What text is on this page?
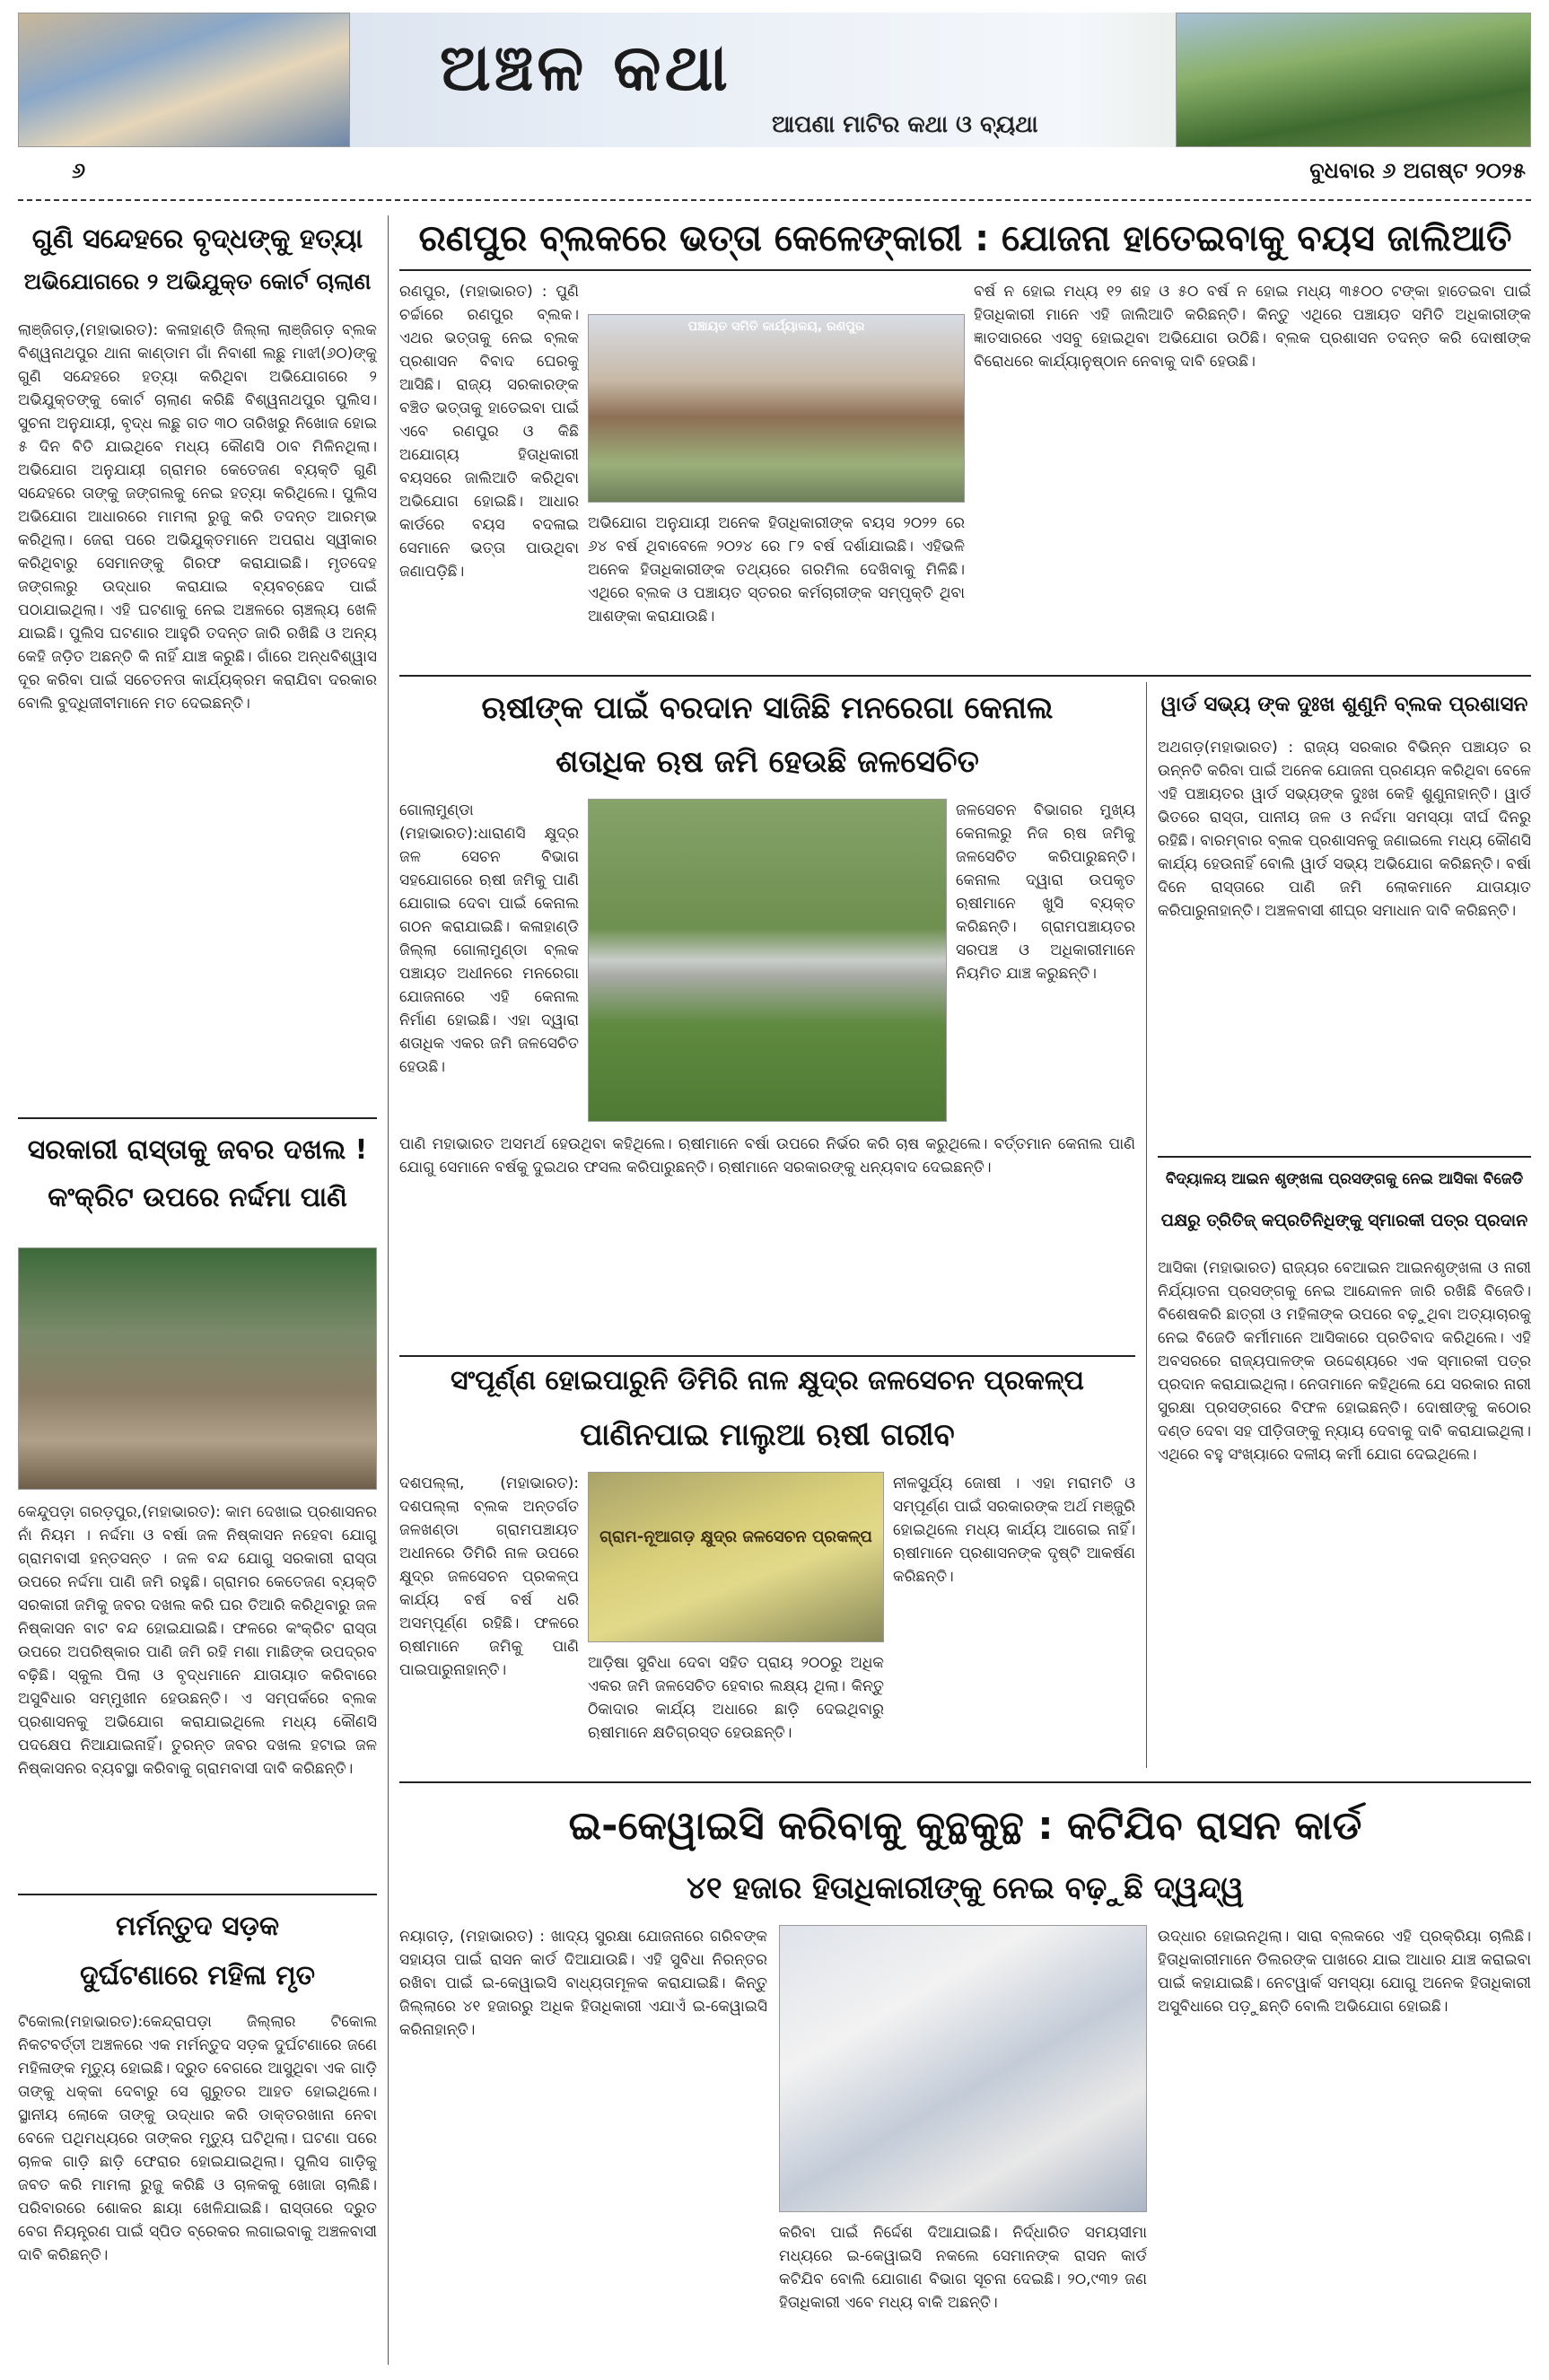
ଅଞ୍ଚଳ କଥା
ଆପଣା ମାଟିର କଥା ଓ ବ୍ୟଥା
୬	ବୁଧବାର ୬ ଅଗଷ୍ଟ ୨୦୨୫
ଗୁଣି ସନ୍ଦେହରେ ବୃଦ୍ଧଙ୍କୁ ହତ୍ୟା
ଅଭିଯୋଗରେ ୨ ଅଭିଯୁକ୍ତ କୋର୍ଟ ଚାଲାଣ
ଲାଞ୍ଜିଗଡ଼,(ମହାଭାରତ): କଳାହାଣ୍ଡି ଜିଲ୍ଲା ଲାଞ୍ଜିଗଡ଼ ବ୍ଲକ ବିଶ୍ୱନାଥପୁର ଥାନା କାଣ୍ଡାମ ଗାଁ ନିବାଶୀ ଲଛୁ ମାଝୀ(୬୦)ଙ୍କୁ ଗୁଣି ସନ୍ଦେହରେ ହତ୍ୟା କରିଥିବା ଅଭିଯୋଗରେ ୨ ଅଭିଯୁକ୍ତଙ୍କୁ କୋର୍ଟ ଚାଲାଣ କରିଛି ବିଶ୍ୱନାଥପୁର ପୁଲିସ। ସୁଚନା ଅନୁଯାୟୀ, ବୃଦ୍ଧ ଲଛୁ ଗତ ୩୦ ତାରିଖରୁ ନିଖୋଜ ହୋଇ ୫ ଦିନ ବିତି ଯାଇଥିବେ ମଧ୍ୟ କୌଣସି ଠାବ ମିଳିନଥିଲା। ଅଭିଯୋଗ ଅନୁଯାୟୀ ଗ୍ରାମର କେତେଜଣ ବ୍ୟକ୍ତି ଗୁଣି ସନ୍ଦେହରେ ତାଙ୍କୁ ଜଙ୍ଗଲକୁ ନେଇ ହତ୍ୟା କରିଥିଲେ। ପୁଲିସ ଅଭିଯୋଗ ଆଧାରରେ ମାମଲା ରୁଜୁ କରି ତଦନ୍ତ ଆରମ୍ଭ କରିଥିଲା। ଜେରା ପରେ ଅଭିଯୁକ୍ତମାନେ ଅପରାଧ ସ୍ୱୀକାର କରିଥିବାରୁ ସେମାନଙ୍କୁ ଗିରଫ କରାଯାଇଛି। ମୃତଦେହ ଜଙ୍ଗଲରୁ ଉଦ୍ଧାର କରାଯାଇ ବ୍ୟବଚ୍ଛେଦ ପାଇଁ ପଠାଯାଇଥିଲା। ଏହି ଘଟଣାକୁ ନେଇ ଅଞ୍ଚଳରେ ଚାଞ୍ଚଲ୍ୟ ଖେଳି ଯାଇଛି। ପୁଲିସ ଘଟଣାର ଆହୁରି ତଦନ୍ତ ଜାରି ରଖିଛି ଓ ଅନ୍ୟ କେହି ଜଡ଼ିତ ଅଛନ୍ତି କି ନାହିଁ ଯାଞ୍ଚ କରୁଛି। ଗାଁରେ ଅନ୍ଧବିଶ୍ୱାସ ଦୂର କରିବା ପାଇଁ ସଚେତନତା କାର୍ଯ୍ୟକ୍ରମ କରାଯିବା ଦରକାର ବୋଲି ବୁଦ୍ଧିଜୀବୀମାନେ ମତ ଦେଇଛନ୍ତି।
ସରକାରୀ ରାସ୍ତାକୁ ଜବର ଦଖଲ !
କଂକ୍ରିଟ ଉପରେ ନର୍ଦ୍ଦମା ପାଣି
କେନ୍ଦୁପଡ଼ା ଗରଡ଼ପୁର,(ମହାଭାରତ): କାମ ଦେଖାଇ ପ୍ରଶାସନର ନାଁ ନିୟମ । ନର୍ଦ୍ଦମା ଓ ବର୍ଷା ଜଳ ନିଷ୍କାସନ ନହେବା ଯୋଗୁ ଗ୍ରାମବାସୀ ହନ୍ତସନ୍ତ । ଜଳ ବନ୍ଦ ଯୋଗୁ ସରକାରୀ ରାସ୍ତା ଉପରେ ନର୍ଦ୍ଦମା ପାଣି ଜମି ରହୁଛି। ଗ୍ରାମର କେତେଜଣ ବ୍ୟକ୍ତି ସରକାରୀ ଜମିକୁ ଜବର ଦଖଲ କରି ଘର ତିଆରି କରିଥିବାରୁ ଜଳ ନିଷ୍କାସନ ବାଟ ବନ୍ଦ ହୋଇଯାଇଛି। ଫଳରେ କଂକ୍ରିଟ ରାସ୍ତା ଉପରେ ଅପରିଷ୍କାର ପାଣି ଜମି ରହି ମଶା ମାଛିଙ୍କ ଉପଦ୍ରବ ବଢ଼ିଛି। ସ୍କୁଲ ପିଲା ଓ ବୃଦ୍ଧମାନେ ଯାତାୟାତ କରିବାରେ ଅସୁବିଧାର ସମ୍ମୁଖୀନ ହେଉଛନ୍ତି। ଏ ସମ୍ପର୍କରେ ବ୍ଲକ ପ୍ରଶାସନକୁ ଅଭିଯୋଗ କରାଯାଇଥିଲେ ମଧ୍ୟ କୌଣସି ପଦକ୍ଷେପ ନିଆଯାଇନାହିଁ। ତୁରନ୍ତ ଜବର ଦଖଲ ହଟାଇ ଜଳ ନିଷ୍କାସନର ବ୍ୟବସ୍ଥା କରିବାକୁ ଗ୍ରାମବାସୀ ଦାବି କରିଛନ୍ତି।
ମର୍ମନ୍ତୁଦ ସଡ଼କ
ଦୁର୍ଘଟଣାରେ ମହିଳା ମୃତ
ଟିକୋଲ(ମହାଭାରତ):କେନ୍ଦ୍ରାପଡ଼ା ଜିଲ୍ଲାର ଟିକୋଲ ନିକଟବର୍ତ୍ତୀ ଅଞ୍ଚଳରେ ଏକ ମର୍ମନ୍ତୁଦ ସଡ଼କ ଦୁର୍ଘଟଣାରେ ଜଣେ ମହିଳାଙ୍କ ମୃତ୍ୟୁ ହୋଇଛି। ଦ୍ରୁତ ବେଗରେ ଆସୁଥିବା ଏକ ଗାଡ଼ି ତାଙ୍କୁ ଧକ୍କା ଦେବାରୁ ସେ ଗୁରୁତର ଆହତ ହୋଇଥିଲେ। ସ୍ଥାନୀୟ ଲୋକେ ତାଙ୍କୁ ଉଦ୍ଧାର କରି ଡାକ୍ତରଖାନା ନେବା ବେଳେ ପଥିମଧ୍ୟରେ ତାଙ୍କର ମୃତ୍ୟୁ ଘଟିଥିଲା। ଘଟଣା ପରେ ଚାଳକ ଗାଡ଼ି ଛାଡ଼ି ଫେରାର ହୋଇଯାଇଥିଲା। ପୁଲିସ ଗାଡ଼ିକୁ ଜବତ କରି ମାମଲା ରୁଜୁ କରିଛି ଓ ଚାଳକକୁ ଖୋଜା ଚାଲିଛି। ପରିବାରରେ ଶୋକର ଛାୟା ଖେଳିଯାଇଛି। ରାସ୍ତାରେ ଦ୍ରୁତ ବେଗ ନିୟନ୍ତ୍ରଣ ପାଇଁ ସ୍ପିଡ ବ୍ରେକର ଲଗାଇବାକୁ ଅଞ୍ଚଳବାସୀ ଦାବି କରିଛନ୍ତି।
ରଣପୁର ବ୍ଲକରେ ଭତ୍ତା କେଳେଙ୍କାରୀ : ଯୋଜନା ହାତେଇବାକୁ ବୟସ ଜାଲିଆତି
ରଣପୁର, (ମହାଭାରତ) : ପୁଣି ଚର୍ଚ୍ଚାରେ ରଣପୁର ବ୍ଲକ। ଏଥର ଭତ୍ତାକୁ ନେଇ ବ୍ଲକ ପ୍ରଶାସନ ବିବାଦ ଘେରକୁ ଆସିଛି। ରାଜ୍ୟ ସରକାରଙ୍କ ବଞ୍ଚିତ ଭତ୍ତାକୁ ହାତେଇବା ପାଇଁ ଏବେ ରଣପୁର ଓ କିଛି ଅଯୋଗ୍ୟ ହିତାଧିକାରୀ ବୟସରେ ଜାଲିଆତି କରିଥିବା ଅଭିଯୋଗ ହୋଇଛି। ଆଧାର କାର୍ଡରେ ବୟସ ବଦଳାଇ ସେମାନେ ଭତ୍ତା ପାଉଥିବା ଜଣାପଡ଼ିଛି।
ପଞ୍ଚାୟତ ସମିତି କାର୍ଯ୍ୟାଳୟ, ରଣପୁର
ଅଭିଯୋଗ ଅନୁଯାୟୀ ଅନେକ ହିତାଧିକାରୀଙ୍କ ବୟସ ୨୦୨୨ ରେ ୬୪ ବର୍ଷ ଥିବାବେଳେ ୨୦୨୪ ରେ ୮୨ ବର୍ଷ ଦର୍ଶାଯାଇଛି। ଏହିଭଳି ଅନେକ ହିତାଧିକାରୀଙ୍କ ତଥ୍ୟରେ ଗରମିଲ ଦେଖିବାକୁ ମିଳିଛି। ଏଥିରେ ବ୍ଲକ ଓ ପଞ୍ଚାୟତ ସ୍ତରର କର୍ମଚାରୀଙ୍କ ସମ୍ପୃକ୍ତି ଥିବା ଆଶଙ୍କା କରାଯାଉଛି।
ବର୍ଷ ନ ହୋଇ ମଧ୍ୟ ୧୨ ଶହ ଓ ୫୦ ବର୍ଷ ନ ହୋଇ ମଧ୍ୟ ୩୫୦୦ ଟଙ୍କା ହାତେଇବା ପାଇଁ ହିତାଧିକାରୀ ମାନେ ଏହି ଜାଲିଆତି କରିଛନ୍ତି। କିନ୍ତୁ ଏଥିରେ ପଞ୍ଚାୟତ ସମିତି ଅଧିକାରୀଙ୍କ ଜ୍ଞାତସାରରେ ଏସବୁ ହୋଇଥିବା ଅଭିଯୋଗ ଉଠିଛି। ବ୍ଲକ ପ୍ରଶାସନ ତଦନ୍ତ କରି ଦୋଷୀଙ୍କ ବିରୋଧରେ କାର୍ଯ୍ୟାନୁଷ୍ଠାନ ନେବାକୁ ଦାବି ହେଉଛି।
ଋଷୀଙ୍କ ପାଇଁ ବରଦାନ ସାଜିଛି ମନରେଗା କେନାଲ
ଶତାଧିକ ଋଷ ଜମି ହେଉଛି ଜଳସେଚିତ
ଗୋଲାମୁଣ୍ଡା (ମହାଭାରତ):ଧାରାଣସି କ୍ଷୁଦ୍ର ଜଳ ସେଚନ ବିଭାଗ ସହଯୋଗରେ ଋଷୀ ଜମିକୁ ପାଣି ଯୋଗାଇ ଦେବା ପାଇଁ କେନାଲ ଗଠନ କରାଯାଇଛି। କଳାହାଣ୍ଡି ଜିଲ୍ଲା ଗୋଲାମୁଣ୍ଡା ବ୍ଲକ ପଞ୍ଚାୟତ ଅଧୀନରେ ମନରେଗା ଯୋଜନାରେ ଏହି କେନାଲ ନିର୍ମାଣ ହୋଇଛି। ଏହା ଦ୍ୱାରା ଶତାଧିକ ଏକର ଜମି ଜଳସେଚିତ ହେଉଛି।
ଜଳସେଚନ ବିଭାଗର ମୁଖ୍ୟ କେନାଲରୁ ନିଜ ଋଷ ଜମିକୁ ଜଳସେଚିତ କରିପାରୁଛନ୍ତି। କେନାଲ ଦ୍ୱାରା ଉପକୃତ ଋଷୀମାନେ ଖୁସି ବ୍ୟକ୍ତ କରିଛନ୍ତି। ଗ୍ରାମପଞ୍ଚାୟତର ସରପଞ୍ଚ ଓ ଅଧିକାରୀମାନେ ନିୟମିତ ଯାଞ୍ଚ କରୁଛନ୍ତି।
ପାଣି ମହାଭାରତ ଅସମର୍ଥ ହେଉଥିବା କହିଥିଲେ। ଋଷୀମାନେ ବର୍ଷା ଉପରେ ନିର୍ଭର କରି ଚାଷ କରୁଥିଲେ। ବର୍ତ୍ତମାନ କେନାଲ ପାଣି ଯୋଗୁ ସେମାନେ ବର୍ଷକୁ ଦୁଇଥର ଫସଲ କରିପାରୁଛନ୍ତି। ଋଷୀମାନେ ସରକାରଙ୍କୁ ଧନ୍ୟବାଦ ଦେଇଛନ୍ତି।
ୱାର୍ଡ ସଭ୍ୟ ଙ୍କ ଦୁଃଖ ଶୁଣୁନି ବ୍ଲକ ପ୍ରଶାସନ
ଅଥଗଡ଼(ମହାଭାରତ) : ରାଜ୍ୟ ସରକାର ବିଭିନ୍ନ ପଞ୍ଚାୟତ ର ଉନ୍ନତି କରିବା ପାଇଁ ଅନେକ ଯୋଜନା ପ୍ରଣୟନ କରିଥିବା ବେଳେ ଏହି ପଞ୍ଚାୟତର ୱାର୍ଡ ସଭ୍ୟଙ୍କ ଦୁଃଖ କେହି ଶୁଣୁନାହାନ୍ତି। ୱାର୍ଡ ଭିତରେ ରାସ୍ତା, ପାନୀୟ ଜଳ ଓ ନର୍ଦ୍ଦମା ସମସ୍ୟା ଦୀର୍ଘ ଦିନରୁ ରହିଛି। ବାରମ୍ବାର ବ୍ଲକ ପ୍ରଶାସନକୁ ଜଣାଇଲେ ମଧ୍ୟ କୌଣସି କାର୍ଯ୍ୟ ହେଉନାହିଁ ବୋଲି ୱାର୍ଡ ସଭ୍ୟ ଅଭିଯୋଗ କରିଛନ୍ତି। ବର୍ଷା ଦିନେ ରାସ୍ତାରେ ପାଣି ଜମି ଲୋକମାନେ ଯାତାୟାତ କରିପାରୁନାହାନ୍ତି। ଅଞ୍ଚଳବାସୀ ଶୀଘ୍ର ସମାଧାନ ଦାବି କରିଛନ୍ତି।
ବିଦ୍ୟାଳୟ ଆଇନ ଶୃଙ୍ଖଳା ପ୍ରସଙ୍ଗକୁ ନେଇ ଆସିକା ବିଜେଡି
ପକ୍ଷରୁ ତ୍ରିତିଜ୍ କପ୍ରତିନିଧିଙ୍କୁ ସ୍ମାରକୀ ପତ୍ର ପ୍ରଦାନ
ଆସିକା (ମହାଭାରତ) ରାଜ୍ୟର ବେଆଇନ ଆଇନଶୃଙ୍ଖଳା ଓ ନାରୀ ନିର୍ଯ୍ୟାତନା ପ୍ରସଙ୍ଗକୁ ନେଇ ଆନ୍ଦୋଳନ ଜାରି ରଖିଛି ବିଜେଡି। ବିଶେଷକରି ଛାତ୍ରୀ ଓ ମହିଳାଙ୍କ ଉପରେ ବଢ଼ୁଥିବା ଅତ୍ୟାଚାରକୁ ନେଇ ବିଜେଡି କର୍ମୀମାନେ ଆସିକାରେ ପ୍ରତିବାଦ କରିଥିଲେ। ଏହି ଅବସରରେ ରାଜ୍ୟପାଳଙ୍କ ଉଦ୍ଦେଶ୍ୟରେ ଏକ ସ୍ମାରକୀ ପତ୍ର ପ୍ରଦାନ କରାଯାଇଥିଲା। ନେତାମାନେ କହିଥିଲେ ଯେ ସରକାର ନାରୀ ସୁରକ୍ଷା ପ୍ରସଙ୍ଗରେ ବିଫଳ ହୋଇଛନ୍ତି। ଦୋଷୀଙ୍କୁ କଠୋର ଦଣ୍ଡ ଦେବା ସହ ପୀଡ଼ିତାଙ୍କୁ ନ୍ୟାୟ ଦେବାକୁ ଦାବି କରାଯାଇଥିଲା। ଏଥିରେ ବହୁ ସଂଖ୍ୟାରେ ଦଳୀୟ କର୍ମୀ ଯୋଗ ଦେଇଥିଲେ।
ସଂପୂର୍ଣ୍ଣ ହୋଇପାରୁନି ଡିମିରି ନାଳ କ୍ଷୁଦ୍ର ଜଳସେଚନ ପ୍ରକଳ୍ପ
ପାଣିନପାଇ ମାଲୁଆ ଋଷୀ ଗରୀବ
ଦଶପଲ୍ଲା, (ମହାଭାରତ): ଦଶପଲ୍ଲା ବ୍ଲକ ଅନ୍ତର୍ଗତ ଜଳଖଣ୍ଡା ଗ୍ରାମପଞ୍ଚାୟତ ଅଧୀନରେ ଡିମିରି ନାଳ ଉପରେ କ୍ଷୁଦ୍ର ଜଳସେଚନ ପ୍ରକଳ୍ପ କାର୍ଯ୍ୟ ବର୍ଷ ବର୍ଷ ଧରି ଅସମ୍ପୂର୍ଣ୍ଣ ରହିଛି। ଫଳରେ ଋଷୀମାନେ ଜମିକୁ ପାଣି ପାଇପାରୁନାହାନ୍ତି।
ଗ୍ରାମ-ନୂଆଗଡ଼ କ୍ଷୁଦ୍ର ଜଳସେଚନ ପ୍ରକଳ୍ପ
ଆଡ଼ିଷା ସୁବିଧା ଦେବା ସହିତ ପ୍ରାୟ ୨୦୦ରୁ ଅଧିକ ଏକର ଜମି ଜଳସେଚିତ ହେବାର ଲକ୍ଷ୍ୟ ଥିଲା। କିନ୍ତୁ ଠିକାଦାର କାର୍ଯ୍ୟ ଅଧାରେ ଛାଡ଼ି ଦେଇଥିବାରୁ ଋଷୀମାନେ କ୍ଷତିଗ୍ରସ୍ତ ହେଉଛନ୍ତି।
ନୀଳସୁର୍ଯ୍ୟ ଜୋଷୀ । ଏହା ମରାମତି ଓ ସମ୍ପୂର୍ଣ୍ଣ ପାଇଁ ସରକାରଙ୍କ ଅର୍ଥ ମଞ୍ଜୁରି ହୋଇଥିଲେ ମଧ୍ୟ କାର୍ଯ୍ୟ ଆଗେଇ ନାହିଁ। ଋଷୀମାନେ ପ୍ରଶାସନଙ୍କ ଦୃଷ୍ଟି ଆକର୍ଷଣ କରିଛନ୍ତି।
ଇ-କେୱାଇସି କରିବାକୁ କୁନ୍ଥକୁନ୍ଥ : କଟିଯିବ ରାସନ କାର୍ଡ
୪୧ ହଜାର ହିତାଧିକାରୀଙ୍କୁ ନେଇ ବଢ଼ୁଛି ଦ୍ୱନ୍ଦ୍ୱ
ନୟାଗଡ଼, (ମହାଭାରତ) : ଖାଦ୍ୟ ସୁରକ୍ଷା ଯୋଜନାରେ ଗରିବଙ୍କ ସହାୟତା ପାଇଁ ରାସନ କାର୍ଡ ଦିଆଯାଉଛି। ଏହି ସୁବିଧା ନିରନ୍ତର ରଖିବା ପାଇଁ ଇ-କେୱାଇସି ବାଧ୍ୟତାମୂଳକ କରାଯାଇଛି। କିନ୍ତୁ ଜିଲ୍ଲାରେ ୪୧ ହଜାରରୁ ଅଧିକ ହିତାଧିକାରୀ ଏଯାଏଁ ଇ-କେୱାଇସି କରିନାହାନ୍ତି।
କରିବା ପାଇଁ ନିର୍ଦ୍ଦେଶ ଦିଆଯାଇଛି। ନିର୍ଦ୍ଧାରିତ ସମୟସୀମା ମଧ୍ୟରେ ଇ-କେୱାଇସି ନକଲେ ସେମାନଙ୍କ ରାସନ କାର୍ଡ କଟିଯିବ ବୋଲି ଯୋଗାଣ ବିଭାଗ ସୂଚନା ଦେଇଛି। ୨୦,୯୩୨ ଜଣ ହିତାଧିକାରୀ ଏବେ ମଧ୍ୟ ବାକି ଅଛନ୍ତି।
ଉଦ୍ଧାର ହୋଇନଥିଲା। ସାରା ବ୍ଲକରେ ଏହି ପ୍ରକ୍ରିୟା ଚାଲିଛି। ହିତାଧିକାରୀମାନେ ଡିଲରଙ୍କ ପାଖରେ ଯାଇ ଆଧାର ଯାଞ୍ଚ କରାଇବା ପାଇଁ କହାଯାଇଛି। ନେଟୱାର୍କ ସମସ୍ୟା ଯୋଗୁ ଅନେକ ହିତାଧିକାରୀ ଅସୁବିଧାରେ ପଡ଼ୁଛନ୍ତି ବୋଲି ଅଭିଯୋଗ ହୋଇଛି।
